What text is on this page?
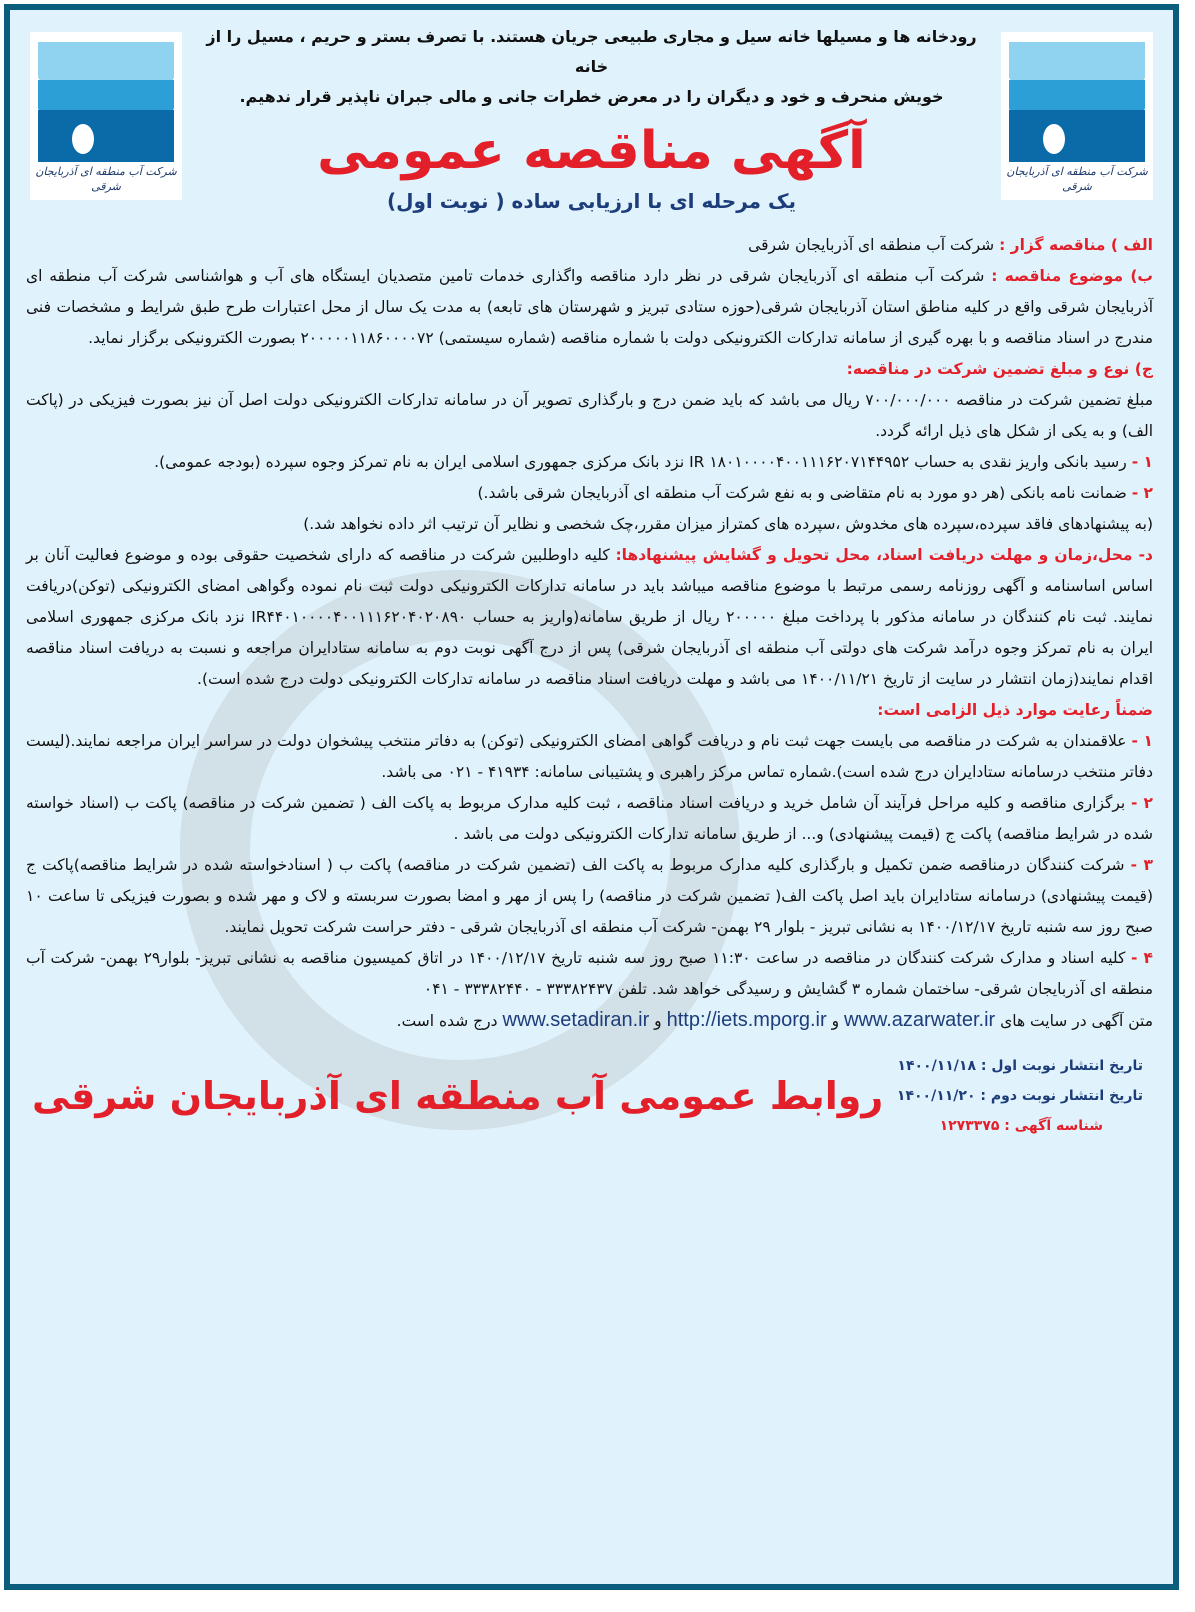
شرکت آب منطقه ای آذربایجان شرقی
شرکت آب منطقه ای آذربایجان شرقی
رودخانه ها و مسیلها خانه سیل و مجاری طبیعی جریان هستند. با تصرف بستر و حریم ، مسیل را از خانه
خویش منحرف و خود و دیگران را در معرض خطرات جانی و مالی جبران ناپذیر قرار ندهیم.
آگهی مناقصه عمومی
یک مرحله ای با ارزیابی ساده ( نوبت اول)

الف ) مناقصه گزار : شرکت آب منطقه ای آذربایجان شرقی

ب) موضوع مناقصه : شرکت آب منطقه ای آذربایجان شرقی در نظر دارد مناقصه واگذاری خدمات تامین متصدیان ایستگاه های آب و هواشناسی شرکت آب منطقه ای آذربایجان شرقی واقع در کلیه مناطق استان آذربایجان شرقی(حوزه ستادی تبریز و شهرستان های تابعه) به مدت یک سال از محل اعتبارات طرح طبق شرایط و مشخصات فنی مندرج در اسناد مناقصه و با بهره گیری از سامانه تدارکات الکترونیکی دولت با شماره مناقصه (شماره سیستمی) ۲۰۰۰۰۰۱۱۸۶۰۰۰۰۷۲ بصورت الکترونیکی برگزار نماید.

ج) نوع و مبلغ تضمین شرکت در مناقصه:

مبلغ تضمین شرکت در مناقصه ۷۰۰/۰۰۰/۰۰۰ ریال می باشد که باید ضمن درج و بارگذاری تصویر آن در سامانه تدارکات الکترونیکی دولت اصل آن نیز بصورت فیزیکی در (پاکت الف) و به یکی از شکل های ذیل ارائه گردد.

۱ - رسید بانکی واریز نقدی به حساب IR ۱۸۰۱۰۰۰۰۴۰۰۱۱۱۶۲۰۷۱۴۴۹۵۲ نزد بانک مرکزی جمهوری اسلامی ایران به نام تمرکز وجوه سپرده (بودجه عمومی).

۲ - ضمانت نامه بانکی (هر دو مورد به نام متقاضی و به نفع شرکت آب منطقه ای آذربایجان شرقی باشد.)

(به پیشنهادهای فاقد سپرده،سپرده های مخدوش ،سپرده های کمتراز میزان مقرر،چک شخصی و نظایر آن ترتیب اثر داده نخواهد شد.)

د- محل،زمان و مهلت دریافت اسناد، محل تحویل و گشایش پیشنهادها: کلیه داوطلبین شرکت در مناقصه که دارای شخصیت حقوقی بوده و موضوع فعالیت آنان بر اساس اساسنامه و آگهی روزنامه رسمی مرتبط با موضوع مناقصه میباشد باید در سامانه تدارکات الکترونیکی دولت ثبت نام نموده وگواهی امضای الکترونیکی (توکن)دریافت نمایند. ثبت نام کنندگان در سامانه مذکور با پرداخت مبلغ ۲۰۰۰۰۰ ریال از طریق سامانه(واریز به حساب IR۴۴۰۱۰۰۰۰۴۰۰۱۱۱۶۲۰۴۰۲۰۸۹۰ نزد بانک مرکزی جمهوری اسلامی ایران به نام تمرکز وجوه درآمد شرکت های دولتی آب منطقه ای آذربایجان شرقی) پس از درج آگهی نوبت دوم به سامانه ستادایران مراجعه و نسبت به دریافت اسناد مناقصه اقدام نمایند(زمان انتشار در سایت از تاریخ ۱۴۰۰/۱۱/۲۱ می باشد و مهلت دریافت اسناد مناقصه در سامانه تدارکات الکترونیکی دولت درج شده است).

ضمناً رعایت موارد ذیل الزامی است:

۱ - علاقمندان به شرکت در مناقصه می بایست جهت ثبت نام و دریافت گواهی امضای الکترونیکی (توکن) به دفاتر منتخب پیشخوان دولت در سراسر ایران مراجعه نمایند.(لیست دفاتر منتخب درسامانه ستادایران درج شده است).شماره تماس مرکز راهبری و پشتیبانی سامانه: ۴۱۹۳۴ - ۰۲۱ می باشد.

۲ - برگزاری مناقصه و کلیه مراحل فرآیند آن شامل خرید و دریافت اسناد مناقصه ، ثبت کلیه مدارک مربوط به پاکت الف ( تضمین شرکت در مناقصه) پاکت ب (اسناد خواسته شده در شرایط مناقصه) پاکت ج (قیمت پیشنهادی) و... از طریق سامانه تدارکات الکترونیکی دولت می باشد .

۳ - شرکت کنندگان درمناقصه ضمن تکمیل و بارگذاری کلیه مدارک مربوط به پاکت الف (تضمین شرکت در مناقصه) پاکت ب ( اسنادخواسته شده در شرایط مناقصه)پاکت ج (قیمت پیشنهادی) درسامانه ستادایران باید اصل پاکت الف( تضمین شرکت در مناقصه) را پس از مهر و امضا بصورت سربسته و لاک و مهر شده و بصورت فیزیکی تا ساعت ۱۰ صبح روز سه شنبه تاریخ ۱۴۰۰/۱۲/۱۷ به نشانی تبریز - بلوار ۲۹ بهمن- شرکت آب منطقه ای آذربایجان شرقی - دفتر حراست شرکت تحویل نمایند.

۴ - کلیه اسناد و مدارک شرکت کنندگان در مناقصه در ساعت ۱۱:۳۰ صبح روز سه شنبه تاریخ ۱۴۰۰/۱۲/۱۷ در اتاق کمیسیون مناقصه به نشانی تبریز- بلوار۲۹ بهمن- شرکت آب منطقه ای آذربایجان شرقی- ساختمان شماره ۳ گشایش و رسیدگی خواهد شد. تلفن ۳۳۳۸۲۴۳۷ - ۳۳۳۸۲۴۴۰ - ۰۴۱

متن آگهی در سایت های www.azarwater.ir و http://iets.mporg.ir و www.setadiran.ir درج شده است.

تاریخ انتشار نوبت اول : ۱۴۰۰/۱۱/۱۸
تاریخ انتشار نوبت دوم : ۱۴۰۰/۱۱/۲۰
شناسه آگهی : ۱۲۷۳۳۷۵
روابط عمومی آب منطقه ای آذربایجان شرقی
